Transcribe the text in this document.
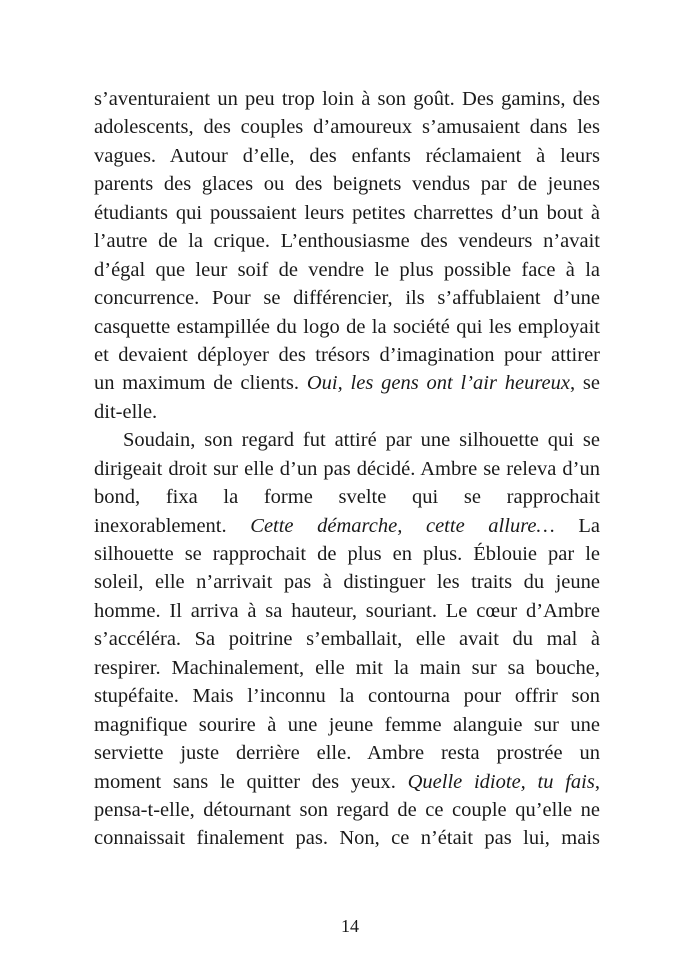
s’aventuraient un peu trop loin à son goût. Des gamins, des
adolescents, des couples d’amoureux s’amusaient dans les
vagues. Autour d’elle, des enfants réclamaient à leurs
parents des glaces ou des beignets vendus par de jeunes
étudiants qui poussaient leurs petites charrettes d’un bout à
l’autre de la crique. L’enthousiasme des vendeurs n’avait
d’égal que leur soif de vendre le plus possible face à la
concurrence. Pour se différencier, ils s’affublaient d’une
casquette estampillée du logo de la société qui les employait
et devaient déployer des trésors d’imagination pour attirer
un maximum de clients. Oui, les gens ont l’air heureux, se
dit-elle.
Soudain, son regard fut attiré par une silhouette qui se
dirigeait droit sur elle d’un pas décidé. Ambre se releva d’un
bond, fixa la forme svelte qui se rapprochait
inexorablement. Cette démarche, cette allure… La
silhouette se rapprochait de plus en plus. Éblouie par le
soleil, elle n’arrivait pas à distinguer les traits du jeune
homme. Il arriva à sa hauteur, souriant. Le cœur d’Ambre
s’accéléra. Sa poitrine s’emballait, elle avait du mal à
respirer. Machinalement, elle mit la main sur sa bouche,
stupéfaite. Mais l’inconnu la contourna pour offrir son
magnifique sourire à une jeune femme alanguie sur une
serviette juste derrière elle. Ambre resta prostrée un
moment sans le quitter des yeux. Quelle idiote, tu fais,
pensa-t-elle, détournant son regard de ce couple qu’elle ne
connaissait finalement pas. Non, ce n’était pas lui, mais
14
